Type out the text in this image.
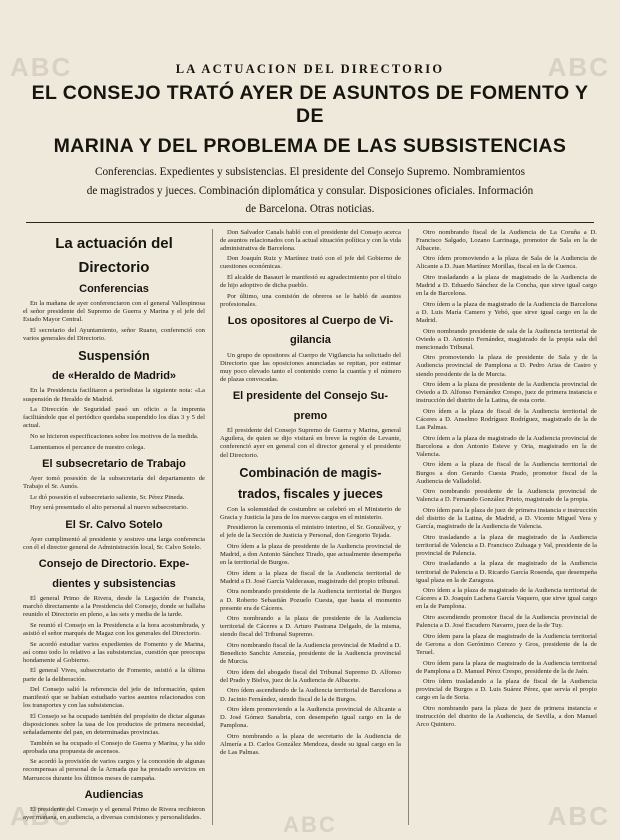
ABC	ABC
ABC	ABC	ABC
LA ACTUACION DEL DIRECTORIO
EL CONSEJO TRATÓ AYER DE ASUNTOS DE FOMENTO Y DE
MARINA Y DEL PROBLEMA DE LAS SUBSISTENCIAS
Conferencias. Expedientes y subsistencias. El presidente del Consejo Supremo. Nombramientos
de magistrados y jueces. Combinación diplomática y consular. Disposiciones oficiales. Información
de Barcelona. Otras noticias.
La actuación del
Directorio
Conferencias

En la mañana de ayer conferenciaron con el general Vallespinosa el señor presidente del Supremo de Guerra y Marina y el jefe del Estado Mayor Central.

El secretario del Ayuntamiento, señor Ruano, conferenció con varios generales del Directorio.

Suspensión
de «Heraldo de Madrid»

En la Presidencia facilitaron a periodistas la siguiente nota: «La suspensión de Heraldo de Madrid.

La Dirección de Seguridad pasó un oficio a la imprenta facilitándole que el periódico quedaba suspendido los días 3 y 5 del actual.

No se hicieron especificaciones sobre los motivos de la medida.

Lamentamos el percance de nuestro colega.

El subsecretario de Trabajo

Ayer tomó posesión de la subsecretaría del departamento de Trabajo el Sr. Aunós.

Le dió posesión el subsecretario saliente, Sr. Pérez Pineda.

Hoy será presentado el alto personal al nuevo subsecretario.

El Sr. Calvo Sotelo

Ayer cumplimentó al presidente y sostuvo una larga conferencia con él el director general de Administración local, Sr. Calvo Sotelo.

Consejo de Directorio. Expe-
dientes y subsistencias

El general Primo de Rivera, desde la Legación de Francia, marchó directamente a la Presidencia del Consejo, donde se hallaba reunido el Directorio en pleno, a las seis y media de la tarde.

Se reunió el Consejo en la Presidencia a la hora acostumbrada, y asistió el señor marqués de Magaz con los generales del Directorio.

Se acordó estudiar varios expedientes de Fomento y de Marina, así como todo lo relativo a las subsistencias, cuestión que preocupa hondamente al Gobierno.

El general Vives, subsecretario de Fomento, asistió a la última parte de la deliberación.

Del Consejo salió la referencia del jefe de información, quien manifestó que se habían estudiado varios asuntos relacionados con los transportes y con las subsistencias.

El Consejo se ha ocupado también del propósito de dictar algunas disposiciones sobre la tasa de los productos de primera necesidad, señaladamente del pan, en determinadas provincias.

También se ha ocupado el Consejo de Guerra y Marina, y ha sido aprobada una propuesta de ascensos.

Se acordó la provisión de varios cargos y la concesión de algunas recompensas al personal de la Armada que ha prestado servicios en Marruecos durante los últimos meses de campaña.

Audiencias

El presidente del Consejo y el general Primo de Rivera recibieron ayer mañana, en audiencia, a diversas comisiones y personalidades.

Don Salvador Canals habló con el presidente del Consejo acerca de asuntos relacionados con la actual situación política y con la vida administrativa de Barcelona.

Don Joaquín Ruiz y Martínez trató con el jefe del Gobierno de cuestiones económicas.

El alcalde de Basauri le manifestó su agradecimiento por el título de hijo adoptivo de dicha pueblo.

Por último, una comisión de obreros se le habló de asuntos profesionales.

Los opositores al Cuerpo de Vi-
gilancia

Un grupo de opositores al Cuerpo de Vigilancia ha solicitado del Directorio que las oposiciones anunciadas se repitan, por estimar muy poco elevado tanto el contenido como la cuantía y el número de plazas convocadas.

El presidente del Consejo Su-
premo

El presidente del Consejo Supremo de Guerra y Marina, general Aguilera, de quien se dijo visitará en breve la región de Levante, conferenció ayer en general con el director general y el presidente del Directorio.

Combinación de magis-
trados, fiscales y jueces

Con la solemnidad de costumbre se celebró en el Ministerio de Gracia y Justicia la jura de los nuevos cargos en el ministerio.

Presidieron la ceremonia el ministro interino, el Sr. Gonzálvez, y el jefe de la Sección de Justicia y Personal, don Gregorio Tejada.

Otro ídem a la plaza de presidente de la Audiencia provincial de Madrid, a don Antonio Sánchez Tirado, que actualmente desempeña en la territorial de Burgos.

Otro ídem a la plaza de fiscal de la Audiencia territorial de Madrid a D. José García Valdecasas, magistrado del propio tribunal.

Otra nombrando presidente de la Audiencia territorial de Burgos a D. Roberto Sebastián Pozuelo Cuesta, que hasta el momento presente era de Cáceres.

Otro nombrando a la plaza de presidente de la Audiencia territorial de Cáceres a D. Arturo Pastrana Delgado, de la misma, siendo fiscal del Tribunal Supremo.

Otro nombrando fiscal de la Audiencia provincial de Madrid a D. Benedicto Sanchiz Amezúa, presidente de la Audiencia provincial de Murcia.

Otro ídem del abogado fiscal del Tribunal Supremo D. Alfonso del Prado y Bielva, juez de la Audiencia de Albacete.

Otro ídem ascendiendo de la Audiencia territorial de Barcelona a D. Jacinto Fernández, siendo fiscal de la de Burgos.

Otro ídem promoviendo a la Audiencia provincial de Alicante a D. José Gómez Sanabria, con desempeño igual cargo en la de Pamplona.

Otro nombrando a la plaza de secretario de la Audiencia de Almería a D. Carlos González Mendoza, desde su igual cargo en la de Las Palmas.

Otro nombrando fiscal de la Audiencia de La Coruña a D. Francisco Salgado, Lozano Larrinaga, promotor de Sala en la de Albacete.

Otro ídem promoviendo a la plaza de Sala de la Audiencia de Alicante a D. Juan Martínez Morillas, fiscal en la de Cuenca.

Otro trasladando a la plaza de magistrado de la Audiencia de Madrid a D. Eduardo Sánchez de la Concha, que sirve igual cargo en la de Barcelona.

Otro ídem a la plaza de magistrado de la Audiencia de Barcelona a D. Luis María Camero y Yebó, que sirve igual cargo en la de Madrid.

Otro nombrando presidente de sala de la Audiencia territorial de Oviedo a D. Antonio Fernández, magistrado de la propia sala del mencionado Tribunal.

Otro promoviendo la plaza de presidente de Sala y de la Audiencia provincial de Pamplona a D. Pedro Arias de Castro y siendo presidente de la de Murcia.

Otro ídem a la plaza de presidente de la Audiencia provincial de Oviedo a D. Alfonso Fernández Crespo, juez de primera instancia e instrucción del distrito de la Latina, de esta corte.

Otro ídem a la plaza de fiscal de la Audiencia territorial de Cáceres a D. Anselmo Rodríguez Rodríguez, magistrado de la de Las Palmas.

Otro ídem a la plaza de magistrado de la Audiencia provincial de Barcelona a don Antonio Esteve y Oria, magistrado en la de Valencia.

Otro ídem a la plaza de fiscal de la Audiencia territorial de Burgos a don Gerardo Cuesta Prado, promotor fiscal de la Audiencia de Valladolid.

Otro nombrando presidente de la Audiencia provincial de Valencia a D. Fernando González Prieto, magistrado de la propia.

Otro ídem para la plaza de juez de primera instancia e instrucción del distrito de la Latina, de Madrid, a D. Vicente Miguel Vera y García, magistrado de la Audiencia de Valencia.

Otro trasladando a la plaza de magistrado de la Audiencia territorial de Valencia a D. Francisco Zuluaga y Val, presidente de la provincial de Palencia.

Otro trasladando a la plaza de magistrado de la Audiencia territorial de Palencia a D. Ricardo García Rosenda, que desempeña igual plaza en la de Zaragoza.

Otro ídem a la plaza de magistrado de la Audiencia territorial de Cáceres a D. Joaquín Lachera García Vaquero, que sirve igual cargo en la de Pamplona.

Otro ascendiendo promotor fiscal de la Audiencia provincial de Palencia a D. José Escudero Navarro, juez de la de Tuy.

Otro ídem para la plaza de magistrado de la Audiencia territorial de Gerona a don Gerónimo Cerezo y Gros, presidente de la de Teruel.

Otro ídem para la plaza de magistrado de la Audiencia territorial de Pamplona a D. Manuel Pérez Crespo, presidente de la de Jaén.

Otro ídem trasladando a la plaza de fiscal de la Audiencia provincial de Burgos a D. Luis Suárez Pérez, que servía el propio cargo en la de Soria.

Otro nombrando para la plaza de juez de primera instancia e instrucción del distrito de la Audiencia, de Sevilla, a don Manuel Arco Quintero.
